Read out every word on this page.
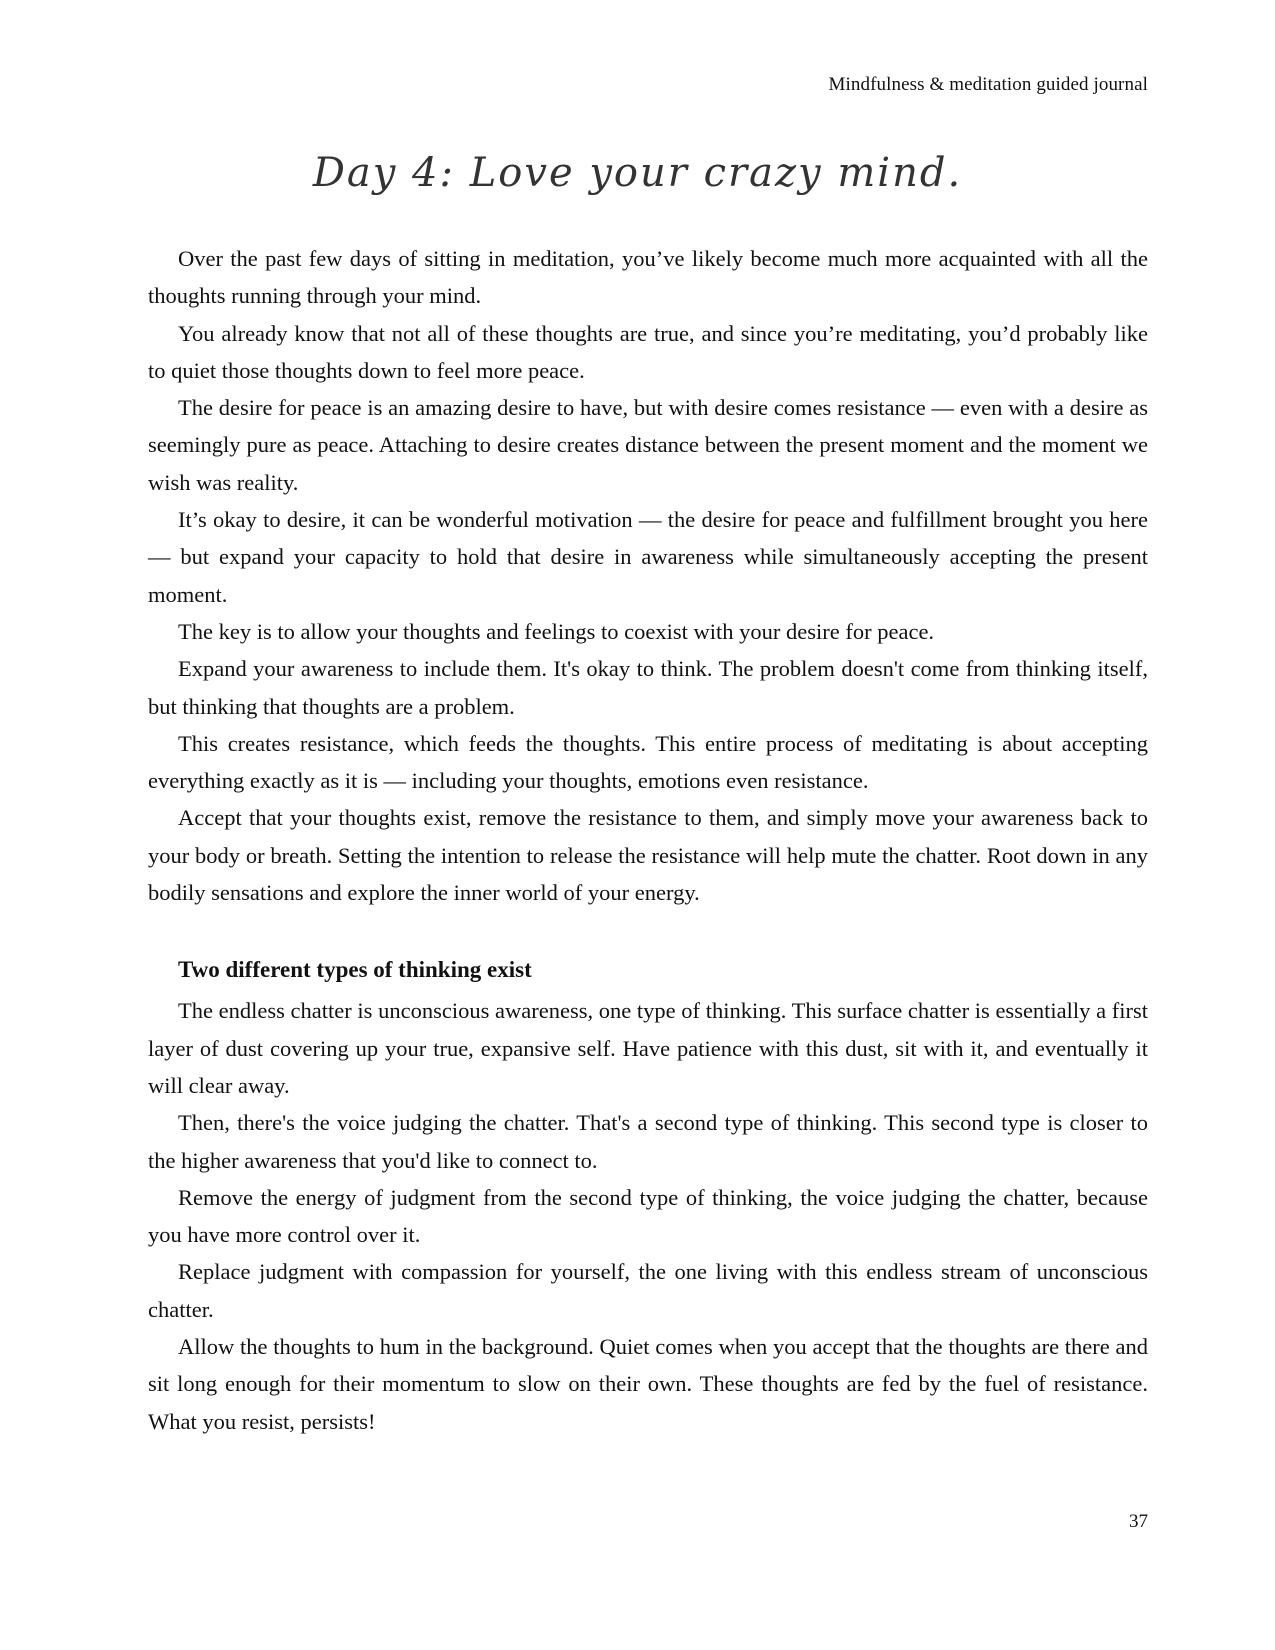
Mindfulness & meditation guided journal
Day 4: Love your crazy mind.

Over the past few days of sitting in meditation, you’ve likely become much more acquainted with all the thoughts running through your mind.

You already know that not all of these thoughts are true, and since you’re meditating, you’d probably like to quiet those thoughts down to feel more peace.

The desire for peace is an amazing desire to have, but with desire comes resistance — even with a desire as seemingly pure as peace. Attaching to desire creates distance between the present moment and the moment we wish was reality.

It’s okay to desire, it can be wonderful motivation — the desire for peace and fulfillment brought you here — but expand your capacity to hold that desire in awareness while simultaneously accepting the present moment.

The key is to allow your thoughts and feelings to coexist with your desire for peace.

Expand your awareness to include them. It's okay to think. The problem doesn't come from thinking itself, but thinking that thoughts are a problem.

This creates resistance, which feeds the thoughts. This entire process of meditating is about accepting everything exactly as it is — including your thoughts, emotions even resistance.

Accept that your thoughts exist, remove the resistance to them, and simply move your awareness back to your body or breath. Setting the intention to release the resistance will help mute the chatter. Root down in any bodily sensations and explore the inner world of your energy.

Two different types of thinking exist

The endless chatter is unconscious awareness, one type of thinking. This surface chatter is essentially a first layer of dust covering up your true, expansive self. Have patience with this dust, sit with it, and eventually it will clear away.

Then, there's the voice judging the chatter. That's a second type of thinking. This second type is closer to the higher awareness that you'd like to connect to.

Remove the energy of judgment from the second type of thinking, the voice judging the chatter, because you have more control over it.

Replace judgment with compassion for yourself, the one living with this endless stream of unconscious chatter.

Allow the thoughts to hum in the background. Quiet comes when you accept that the thoughts are there and sit long enough for their momentum to slow on their own. These thoughts are fed by the fuel of resistance. What you resist, persists!

37
